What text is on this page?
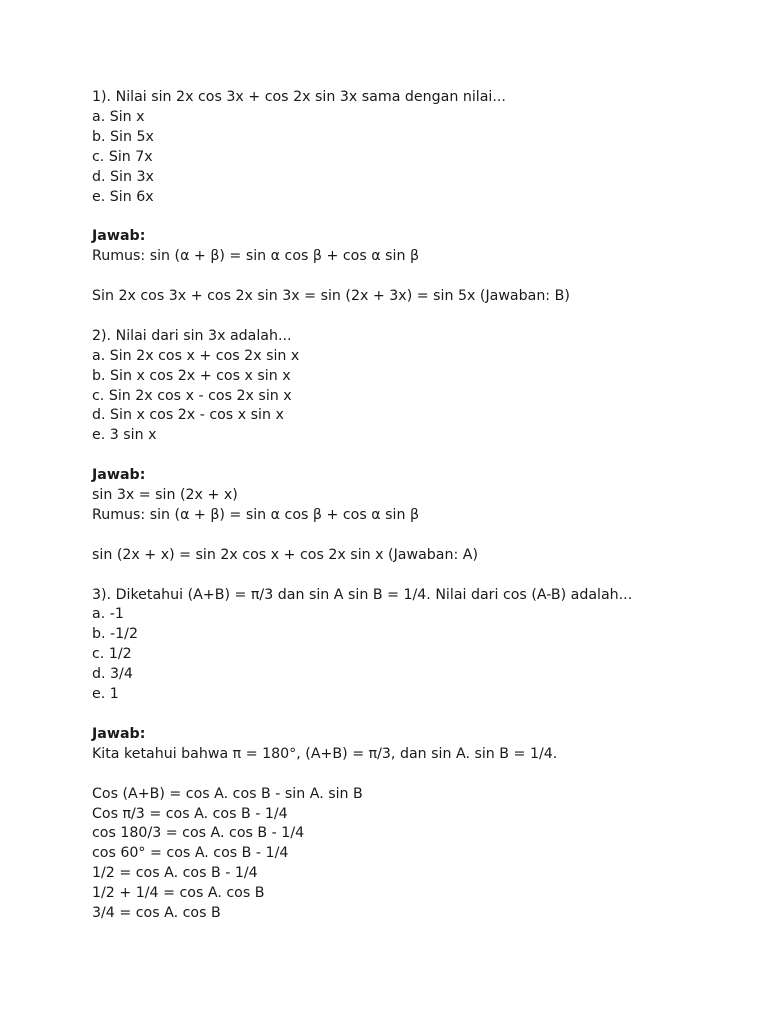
1). Nilai sin 2x cos 3x + cos 2x sin 3x sama dengan nilai...
a. Sin x
b. Sin 5x
c. Sin 7x
d. Sin 3x
e. Sin 6x
Jawab:
Rumus: sin (α + β) = sin α cos β + cos α sin β
Sin 2x cos 3x + cos 2x sin 3x = sin (2x + 3x) = sin 5x (Jawaban: B)
2). Nilai dari sin 3x adalah...
a. Sin 2x cos x + cos 2x sin x
b. Sin x cos 2x + cos x sin x
c. Sin 2x cos x - cos 2x sin x
d. Sin x cos 2x - cos x sin x
e. 3 sin x
Jawab:
sin 3x = sin (2x + x)
Rumus: sin (α + β) = sin α cos β + cos α sin β
sin (2x + x) = sin 2x cos x + cos 2x sin x (Jawaban: A)
3). Diketahui (A+B) = π/3 dan sin A sin B = 1/4. Nilai dari cos (A-B) adalah...
a. -1
b. -1/2
c. 1/2
d. 3/4
e. 1
Jawab:
Kita ketahui bahwa π = 180°, (A+B) = π/3, dan sin A. sin B = 1/4.
Cos (A+B) = cos A. cos B - sin A. sin B
Cos π/3 = cos A. cos B - 1/4
cos 180/3 = cos A. cos B - 1/4
cos 60° = cos A. cos B - 1/4
1/2 = cos A. cos B - 1/4
1/2 + 1/4 = cos A. cos B
3/4 = cos A. cos B
